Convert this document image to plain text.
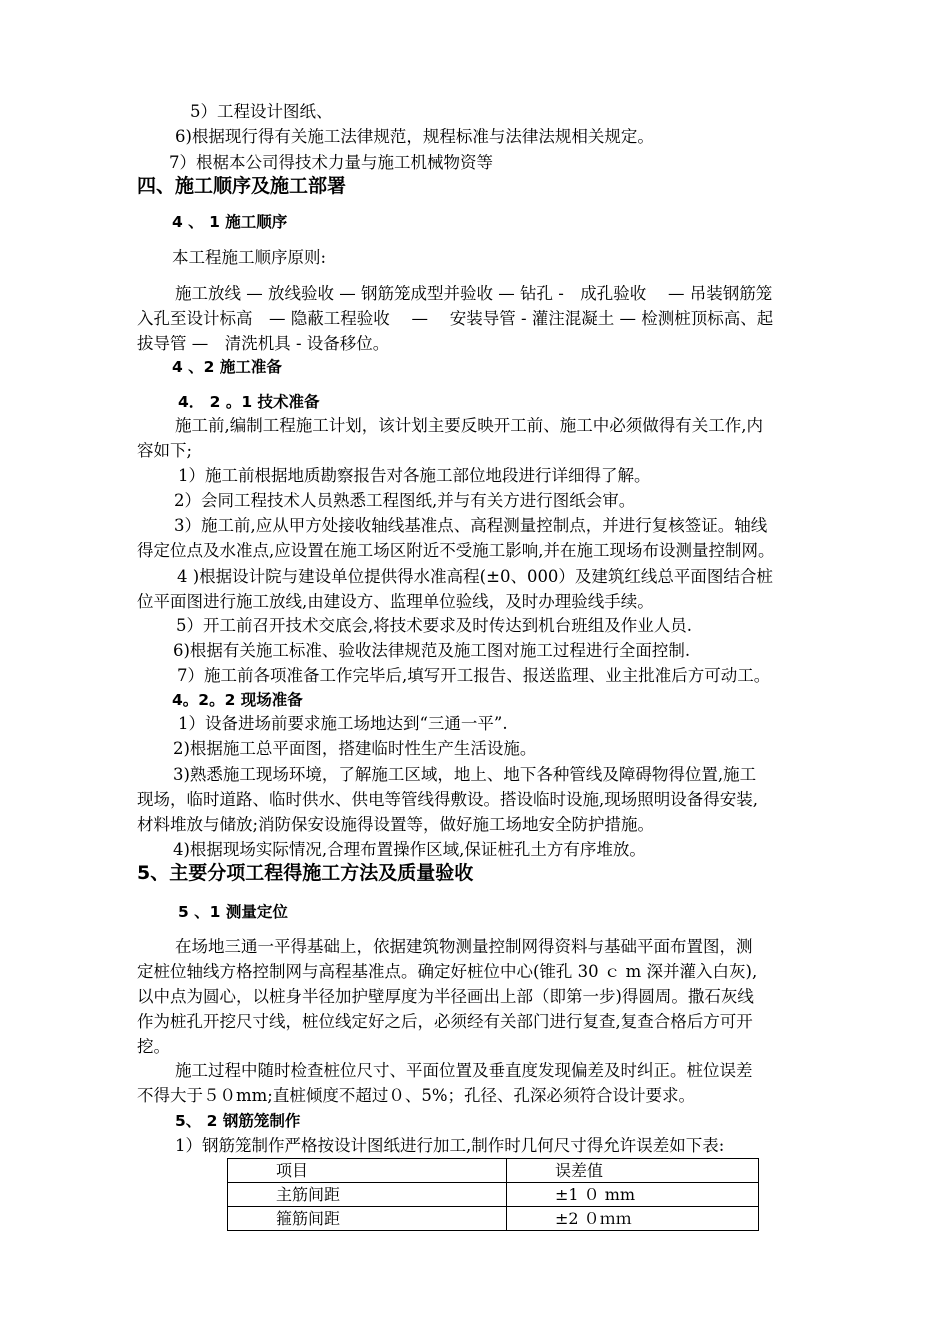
5）工程设计图纸、
6)根据现行得有关施工法律规范，规程标准与法律法规相关规定。
7）根椐本公司得技术力量与施工机械物资等
四、施工顺序及施工部署
4 、 1 施工顺序
本工程施工顺序原则:
施工放线 — 放线验收 — 钢筋笼成型并验收 — 钻孔 -　成孔验收　 — 吊装钢筋笼
入孔至设计标高　— 隐蔽工程验收　 —　 安装导管 - 灌注混凝土 — 检测桩顶标高、起
拔导管 —　清洗机具 - 设备移位。
4 、2 施工准备
4． 2 。1 技术准备
施工前,编制工程施工计划，该计划主要反映开工前、施工中必须做得有关工作,内
容如下;
1）施工前根据地质勘察报告对各施工部位地段进行详细得了解。
2）会同工程技术人员熟悉工程图纸,并与有关方进行图纸会审。
3）施工前,应从甲方处接收轴线基准点、高程测量控制点，并进行复核签证。轴线
得定位点及水准点,应设置在施工场区附近不受施工影响,并在施工现场布设测量控制网。
4 )根据设计院与建设单位提供得水准高程(±0、000）及建筑红线总平面图结合桩
位平面图进行施工放线,由建设方、监理单位验线，及时办理验线手续。
5）开工前召开技术交底会,将技术要求及时传达到机台班组及作业人员.
6)根据有关施工标准、验收法律规范及施工图对施工过程进行全面控制.
7）施工前各项准备工作完毕后,填写开工报告、报送监理、业主批准后方可动工。
4。2。2 现场准备
1）设备进场前要求施工场地达到“三通一平”.
2)根据施工总平面图，搭建临时性生产生活设施。
3)熟悉施工现场环境，了解施工区域，地上、地下各种管线及障碍物得位置,施工
现场，临时道路、临时供水、供电等管线得敷设。搭设临时设施,现场照明设备得安装,
材料堆放与储放;消防保安设施得设置等，做好施工场地安全防护措施。
4)根据现场实际情况,合理布置操作区域,保证桩孔土方有序堆放。
5、主要分项工程得施工方法及质量验收
5 、1 测量定位
在场地三通一平得基础上，依据建筑物测量控制网得资料与基础平面布置图，测
定桩位轴线方格控制网与高程基准点。确定好桩位中心(锥孔 30 ｃ m 深并灌入白灰),
以中点为圆心，以桩身半径加护壁厚度为半径画出上部（即第一步)得圆周。撒石灰线
作为桩孔开挖尺寸线，桩位线定好之后，必须经有关部门进行复查,复查合格后方可开
挖。
施工过程中随时检查桩位尺寸、平面位置及垂直度发现偏差及时纠正。桩位误差
不得大于５０mm;直桩倾度不超过０、5%；孔径、孔深必须符合设计要求。
5、 2 钢筋笼制作
1）钢筋笼制作严格按设计图纸进行加工,制作时几何尺寸得允许误差如下表:
项目	误差值
主筋间距	±1 ０ mm
箍筋间距	±2 ０ｍｍ
